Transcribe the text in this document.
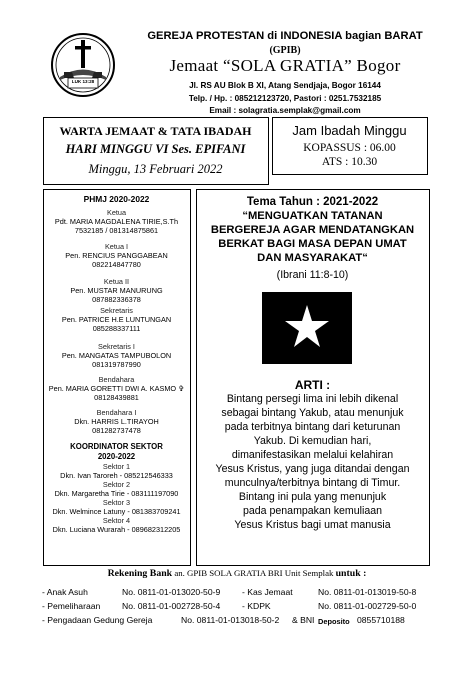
LUK 13:28
GEREJA PROTESTAN di INDONESIA bagian BARAT
(GPIB)
Jemaat “SOLA GRATIA” Bogor
Jl. RS AU Blok B XI, Atang Sendjaja, Bogor 16144
Telp. / Hp. : 085212123720, Pastori : 0251.7532185
Email : solagratia.semplak@gmail.com
WARTA JEMAAT & TATA IBADAH
HARI MINGGU VI Ses. EPIFANI
Minggu, 13 Februari 2022
Jam Ibadah Minggu
KOPASSUS : 06.00
ATS : 10.30
PHMJ 2020-2022
Ketua
Pdt. MARIA MAGDALENA TIRIE,S.Th
7532185 / 081314875861
Ketua I
Pen. RENCIUS PANGGABEAN
082214847780
Ketua II
Pen. MUSTAR MANURUNG
087882336378
Sekretaris
Pen. PATRICE H.E LUNTUNGAN
085288337111
Sekretaris I
Pen. MANGATAS TAMPUBOLON
081319787990
Bendahara
Pen. MARIA GORETTI DWI A. KASMO ✞
08128439881
Bendahara I
Dkn. HARRIS L.TIRAYOH
081282737478
KOORDINATOR SEKTOR
2020-2022
Sektor 1
Dkn. Ivan Taroreh - 085212546333
Sektor 2
Dkn. Margaretha Tirie - 083111197090
Sektor 3
Dkn. Welmince Latuny - 081383709241
Sektor 4
Dkn. Luciana Wurarah - 089682312205
Tema Tahun : 2021-2022
“MENGUATKAN TATANAN
BERGEREJA AGAR MENDATANGKAN
BERKAT BAGI MASA DEPAN UMAT
DAN MASYARAKAT“
(Ibrani 11:8-10)
ARTI :
Bintang persegi lima ini lebih dikenal
sebagai bintang Yakub, atau menunjuk
pada terbitnya bintang dari keturunan
Yakub. Di kemudian hari,
dimanifestasikan melalui kelahiran
Yesus Kristus, yang juga ditandai dengan
munculnya/terbitnya bintang di Timur.
Bintang ini pula yang menunjuk
pada penampakan kemuliaan
Yesus Kristus bagi umat manusia
Rekening Bank an. GPIB SOLA GRATIA BRI Unit Semplak untuk :
- Anak Asuh	No. 0811-01-013020-50-9	- Kas Jemaat	No. 0811-01-013019-50-8
- Pemeliharaan	No. 0811-01-002728-50-4	- KDPK	No. 0811-01-002729-50-0
- Pengadaan Gedung Gereja	No. 0811-01-013018-50-2 & BNI Deposito 0855710188
